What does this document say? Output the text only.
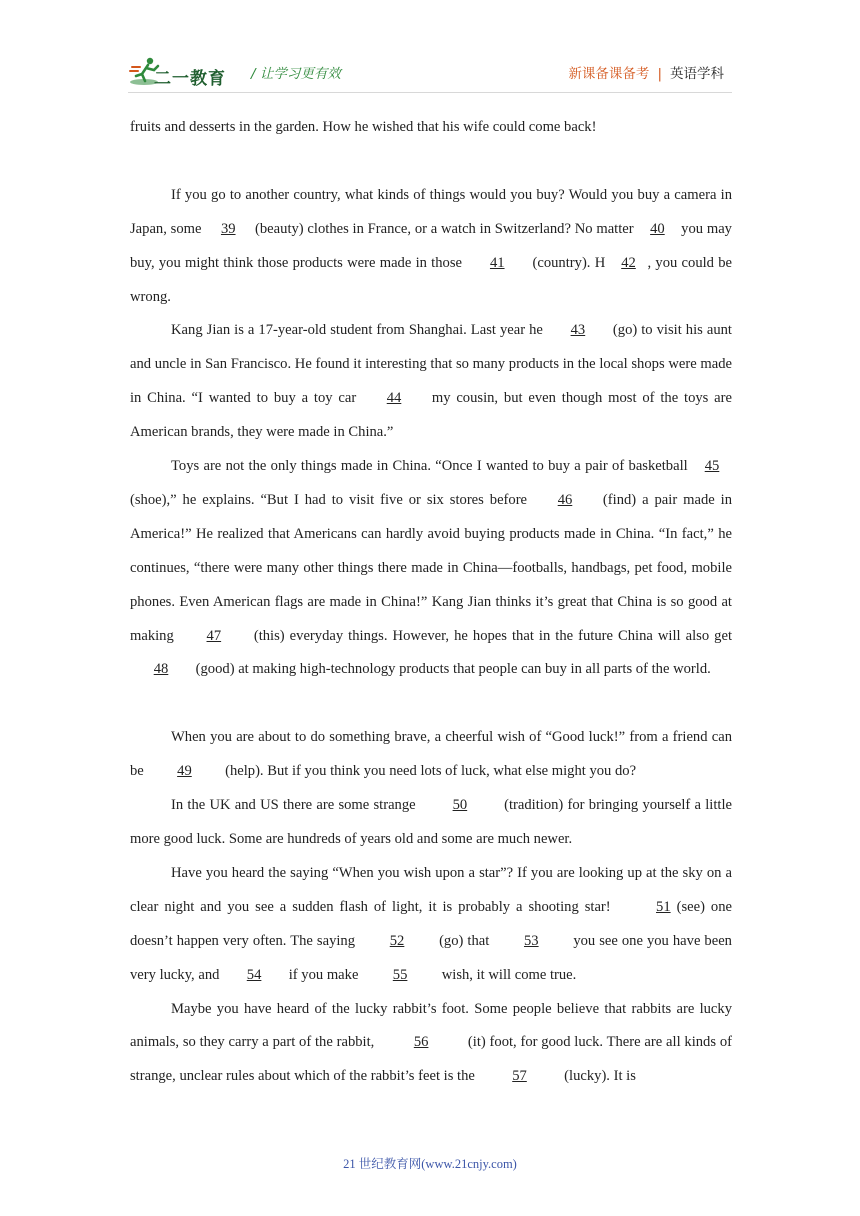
二一教育 / 让学习更有效	新课备课备考 | 英语学科

fruits and desserts in the garden. How he wished that his wife could come back!

If you go to another country, what kinds of things would you buy? Would you buy a camera in Japan, some 39 (beauty) clothes in France, or a watch in Switzerland? No matter 40 you may buy, you might think those products were made in those 41 (country). H 42 , you could be wrong.

Kang Jian is a 17-year-old student from Shanghai. Last year he 43 (go) to visit his aunt and uncle in San Francisco. He found it interesting that so many products in the local shops were made in China. “I wanted to buy a toy car 44 my cousin, but even though most of the toys are American brands, they were made in China.”

Toys are not the only things made in China. “Once I wanted to buy a pair of basketball 45 (shoe),” he explains. “But I had to visit five or six stores before 46 (find) a pair made in America!” He realized that Americans can hardly avoid buying products made in China. “In fact,” he continues, “there were many other things there made in China—footballs, handbags, pet food, mobile phones. Even American flags are made in China!” Kang Jian thinks it’s great that China is so good at making 47 (this) everyday things. However, he hopes that in the future China will also get 48 (good) at making high-technology products that people can buy in all parts of the world.

When you are about to do something brave, a cheerful wish of “Good luck!” from a friend can be 49 (help). But if you think you need lots of luck, what else might you do?

In the UK and US there are some strange 50 (tradition) for bringing yourself a little more good luck. Some are hundreds of years old and some are much newer.

Have you heard the saying “When you wish upon a star”? If you are looking up at the sky on a clear night and you see a sudden flash of light, it is probably a shooting star!	51 (see) one doesn’t happen very often. The saying 52 (go) that 53 you see one you have been very lucky, and 54 if you make 55 wish, it will come true.

Maybe you have heard of the lucky rabbit’s foot. Some people believe that rabbits are lucky animals, so they carry a part of the rabbit, 56 (it) foot, for good luck. There are all kinds of strange, unclear rules about which of the rabbit’s feet is the 57 (lucky). It is

21 世纪教育网(www.21cnjy.com)
